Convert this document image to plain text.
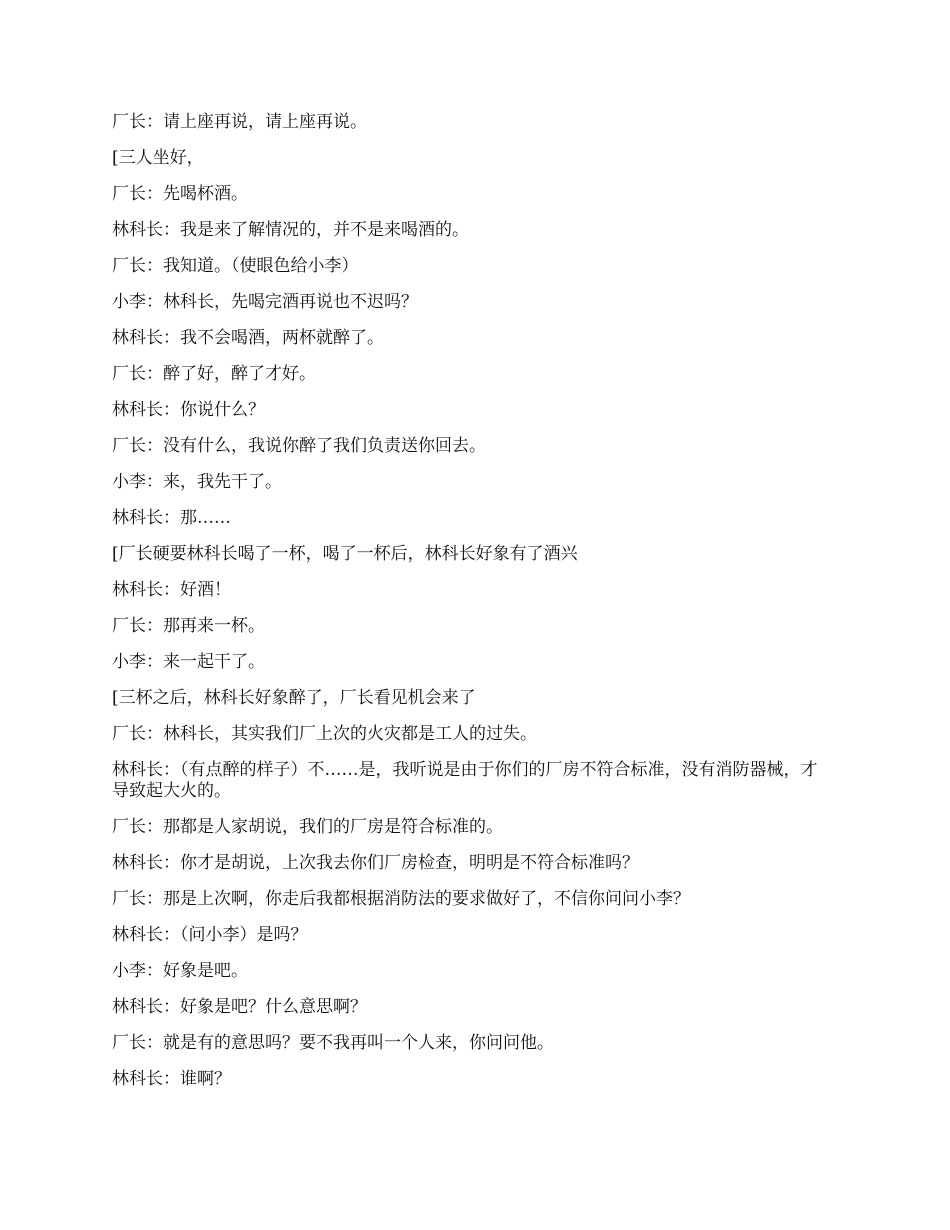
厂长：请上座再说，请上座再说。

[三人坐好，

厂长：先喝杯酒。

林科长：我是来了解情况的，并不是来喝酒的。

厂长：我知道。（使眼色给小李）

小李：林科长，先喝完酒再说也不迟吗？

林科长：我不会喝酒，两杯就醉了。

厂长：醉了好，醉了才好。

林科长：你说什么？

厂长：没有什么，我说你醉了我们负责送你回去。

小李：来，我先干了。

林科长：那……

[厂长硬要林科长喝了一杯，喝了一杯后，林科长好象有了酒兴

林科长：好酒！

厂长：那再来一杯。

小李：来一起干了。

[三杯之后，林科长好象醉了，厂长看见机会来了

厂长：林科长，其实我们厂上次的火灾都是工人的过失。

林科长：（有点醉的样子）不……是，我听说是由于你们的厂房不符合标准，没有消防器械，才导致起大火的。

厂长：那都是人家胡说，我们的厂房是符合标准的。

林科长：你才是胡说，上次我去你们厂房检查，明明是不符合标准吗？

厂长：那是上次啊，你走后我都根据消防法的要求做好了，不信你问问小李？

林科长：（问小李）是吗？

小李：好象是吧。

林科长：好象是吧？什么意思啊？

厂长：就是有的意思吗？要不我再叫一个人来，你问问他。

林科长：谁啊？
